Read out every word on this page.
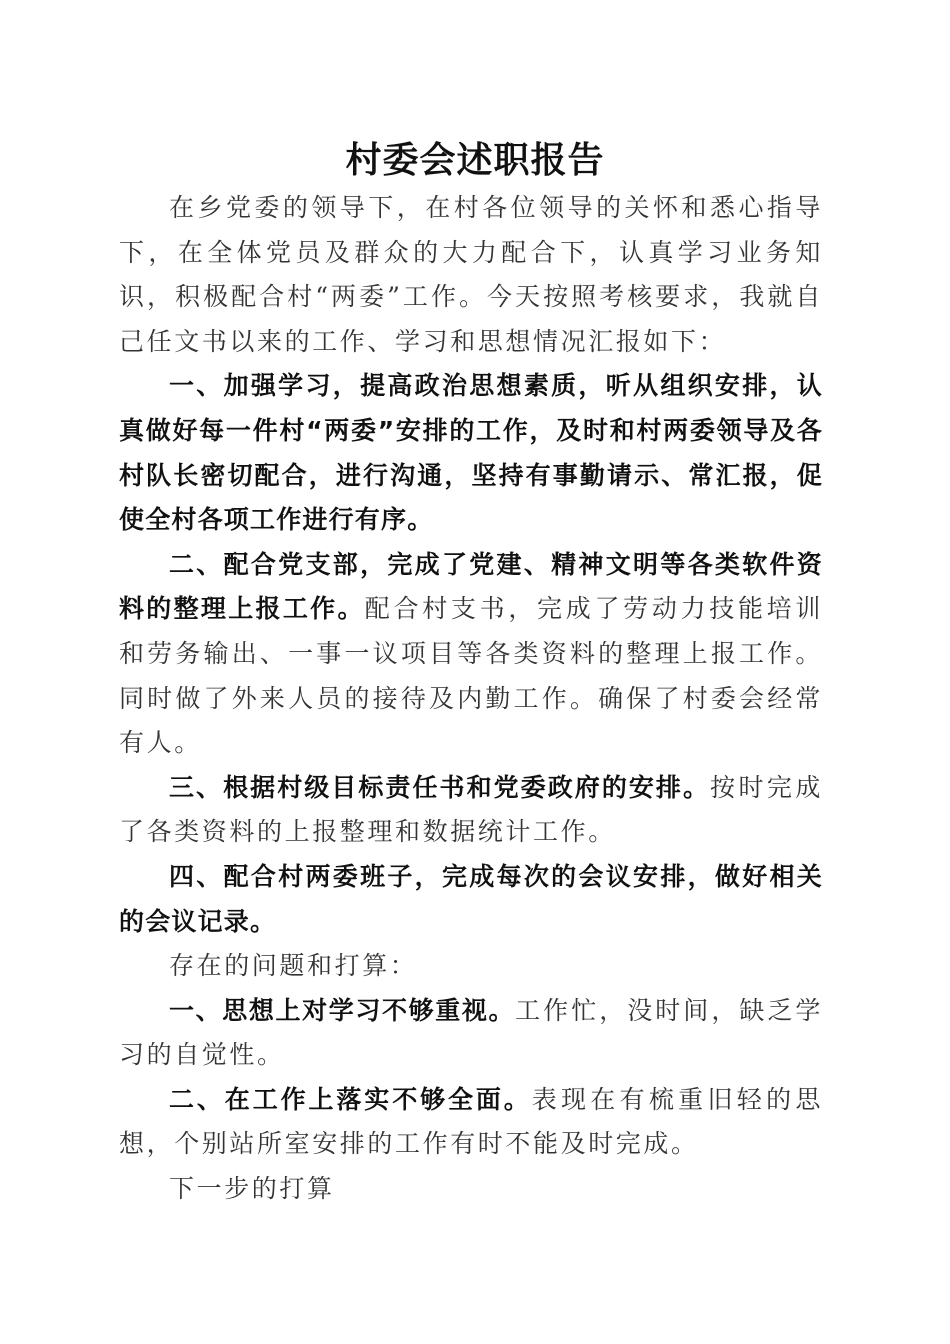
村委会述职报告

在乡党委的领导下，在村各位领导的关怀和悉心指导下，在全体党员及群众的大力配合下，认真学习业务知识，积极配合村“两委”工作。今天按照考核要求，我就自己任文书以来的工作、学习和思想情况汇报如下：

一、加强学习，提高政治思想素质，听从组织安排，认真做好每一件村“两委”安排的工作，及时和村两委领导及各村队长密切配合，进行沟通，坚持有事勤请示、常汇报，促使全村各项工作进行有序。

二、配合党支部，完成了党建、精神文明等各类软件资料的整理上报工作。配合村支书，完成了劳动力技能培训和劳务输出、一事一议项目等各类资料的整理上报工作。同时做了外来人员的接待及内勤工作。确保了村委会经常有人。

三、根据村级目标责任书和党委政府的安排。按时完成了各类资料的上报整理和数据统计工作。

四、配合村两委班子，完成每次的会议安排，做好相关的会议记录。

存在的问题和打算：

一、思想上对学习不够重视。工作忙，没时间，缺乏学习的自觉性。

二、在工作上落实不够全面。表现在有梳重旧轻的思想，个别站所室安排的工作有时不能及时完成。

下一步的打算
